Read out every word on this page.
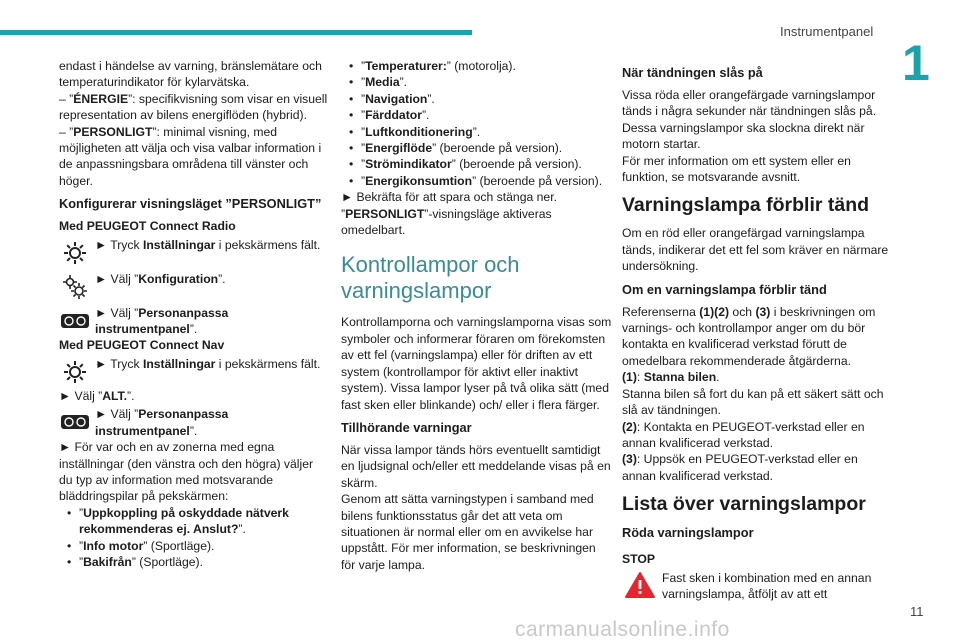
Instrumentpanel
1

endast i händelse av varning, bränslemätare och temperaturindikator för kylarvätska.

– ”ÉNERGIE”: specifikvisning som visar en visuell representation av bilens energiflöden (hybrid).

– ”PERSONLIGT”: minimal visning, med möjligheten att välja och visa valbar information i de anpassningsbara områdena till vänster och höger.

Konfigurerar visningsläget ”PERSONLIGT”

Med PEUGEOT Connect Radio

► Tryck Inställningar i pekskärmens fält.
► Välj ”Konfiguration”.
► Välj ”Personanpassa instrumentpanel”.

Med PEUGEOT Connect Nav

► Tryck Inställningar i pekskärmens fält.

► Välj ”ALT.”.

► Välj ”Personanpassa instrumentpanel”.

► För var och en av zonerna med egna inställningar (den vänstra och den högra) väljer du typ av information med motsvarande bläddringspilar på pekskärmen:

• ”Uppkoppling på oskyddade nätverk rekommenderas ej. Anslut?”.
• ”Info motor” (Sportläge).
• ”Bakifrån” (Sportläge).
• ”Temperaturer:” (motorolja).
• ”Media”.
• ”Navigation”.
• ”Färddator”.
• ”Luftkonditionering”.
• ”Energiflöde” (beroende på version).
• ”Strömindikator” (beroende på version).
• ”Energikonsumtion” (beroende på version).

► Bekräfta för att spara och stänga ner.

”PERSONLIGT”-visningsläge aktiveras omedelbart.

Kontrollampor och varningslampor

Kontrollamporna och varningslamporna visas som symboler och informerar föraren om förekomsten av ett fel (varningslampa) eller för driften av ett system (kontrollampor för aktivt eller inaktivt system). Vissa lampor lyser på två olika sätt (med fast sken eller blinkande) och/ eller i flera färger.

Tillhörande varningar

När vissa lampor tänds hörs eventuellt samtidigt en ljudsignal och/eller ett meddelande visas på en skärm.

Genom att sätta varningstypen i samband med bilens funktionsstatus går det att veta om situationen är normal eller om en avvikelse har uppstått. För mer information, se beskrivningen för varje lampa.

När tändningen slås på

Vissa röda eller orangefärgade varningslampor tänds i några sekunder när tändningen slås på. Dessa varningslampor ska slockna direkt när motorn startar.

För mer information om ett system eller en funktion, se motsvarande avsnitt.

Varningslampa förblir tänd

Om en röd eller orangefärgad varningslampa tänds, indikerar det ett fel som kräver en närmare undersökning.

Om en varningslampa förblir tänd

Referenserna (1)(2) och (3) i beskrivningen om varnings- och kontrollampor anger om du bör kontakta en kvalificerad verkstad förutt de omedelbara rekommenderade åtgärderna.

(1): Stanna bilen.

Stanna bilen så fort du kan på ett säkert sätt och slå av tändningen.

(2): Kontakta en PEUGEOT-verkstad eller en annan kvalificerad verkstad.

(3): Uppsök en PEUGEOT-verkstad eller en annan kvalificerad verkstad.

Lista över varningslampor

Röda varningslampor

STOP

Fast sken i kombination med en annan varningslampa, åtföljt av att ett
11
carmanualsonline.info
